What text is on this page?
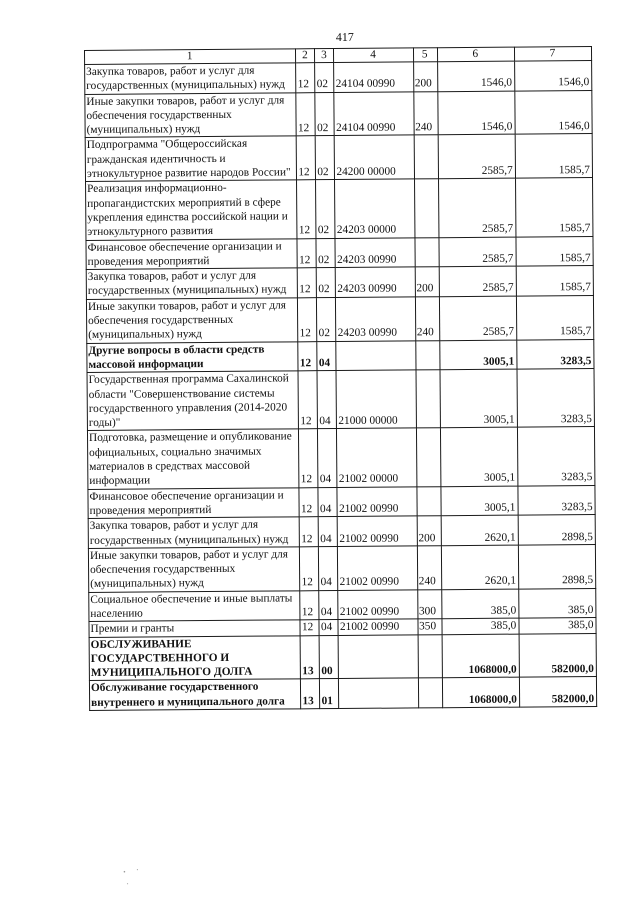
417
1	2	3	4	5	6	7
Закупка товаров, работ и услуг для государственных (муниципальных) нужд	12	02	24104 00990	200	1546,0	1546,0
Иные закупки товаров, работ и услуг для обеспечения государственных (муниципальных) нужд	12	02	24104 00990	240	1546,0	1546,0
Подпрограмма "Общероссийская гражданская идентичность и этнокультурное развитие народов России"	12	02	24200 00000		2585,7	1585,7
Реализация информационно-пропагандистских мероприятий в сфере укрепления единства российской нации и этнокультурного развития	12	02	24203 00000		2585,7	1585,7
Финансовое обеспечение организации и проведения мероприятий	12	02	24203 00990		2585,7	1585,7
Закупка товаров, работ и услуг для государственных (муниципальных) нужд	12	02	24203 00990	200	2585,7	1585,7
Иные закупки товаров, работ и услуг для обеспечения государственных (муниципальных) нужд	12	02	24203 00990	240	2585,7	1585,7
Другие вопросы в области средств массовой информации	12	04			3005,1	3283,5
Государственная программа Сахалинской области "Совершенствование системы государственного управления (2014-2020 годы)"	12	04	21000 00000		3005,1	3283,5
Подготовка, размещение и опубликование официальных, социально значимых материалов в средствах массовой информации	12	04	21002 00000		3005,1	3283,5
Финансовое обеспечение организации и проведения мероприятий	12	04	21002 00990		3005,1	3283,5
Закупка товаров, работ и услуг для государственных (муниципальных) нужд	12	04	21002 00990	200	2620,1	2898,5
Иные закупки товаров, работ и услуг для обеспечения государственных (муниципальных) нужд	12	04	21002 00990	240	2620,1	2898,5
Социальное обеспечение и иные выплаты населению	12	04	21002 00990	300	385,0	385,0
Премии и гранты	12	04	21002 00990	350	385,0	385,0
ОБСЛУЖИВАНИЕ ГОСУДАРСТВЕННОГО И МУНИЦИПАЛЬНОГО ДОЛГА	13	00			1068000,0	582000,0
Обслуживание государственного внутреннего и муниципального долга	13	01			1068000,0	582000,0
